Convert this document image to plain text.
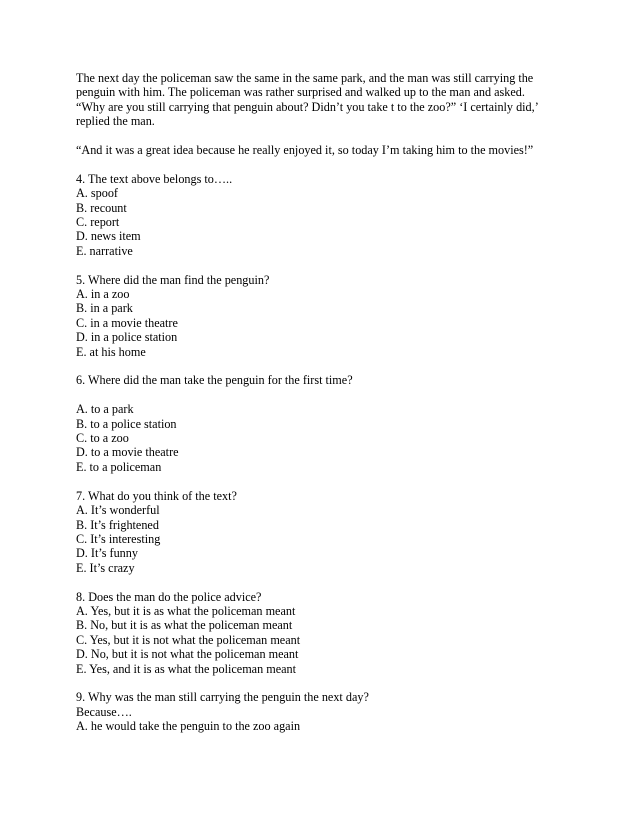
The next day the policeman saw the same in the same park, and the man was still carrying the
penguin with him. The policeman was rather surprised and walked up to the man and asked.
“Why are you still carrying that penguin about? Didn’t you take t to the zoo?” ‘I certainly did,’
replied the man.

“And it was a great idea because he really enjoyed it, so today I’m taking him to the movies!”

4. The text above belongs to…..
A. spoof
B. recount
C. report
D. news item
E. narrative
5. Where did the man find the penguin?
A. in a zoo
B. in a park
C. in a movie theatre
D. in a police station
E. at his home
6. Where did the man take the penguin for the first time?
A. to a park
B. to a police station
C. to a zoo
D. to a movie theatre
E. to a policeman
7. What do you think of the text?
A. It’s wonderful
B. It’s frightened
C. It’s interesting
D. It’s funny
E. It’s crazy
8. Does the man do the police advice?
A. Yes, but it is as what the policeman meant
B. No, but it is as what the policeman meant
C. Yes, but it is not what the policeman meant
D. No, but it is not what the policeman meant
E. Yes, and it is as what the policeman meant
9. Why was the man still carrying the penguin the next day?
Because….
A. he would take the penguin to the zoo again
